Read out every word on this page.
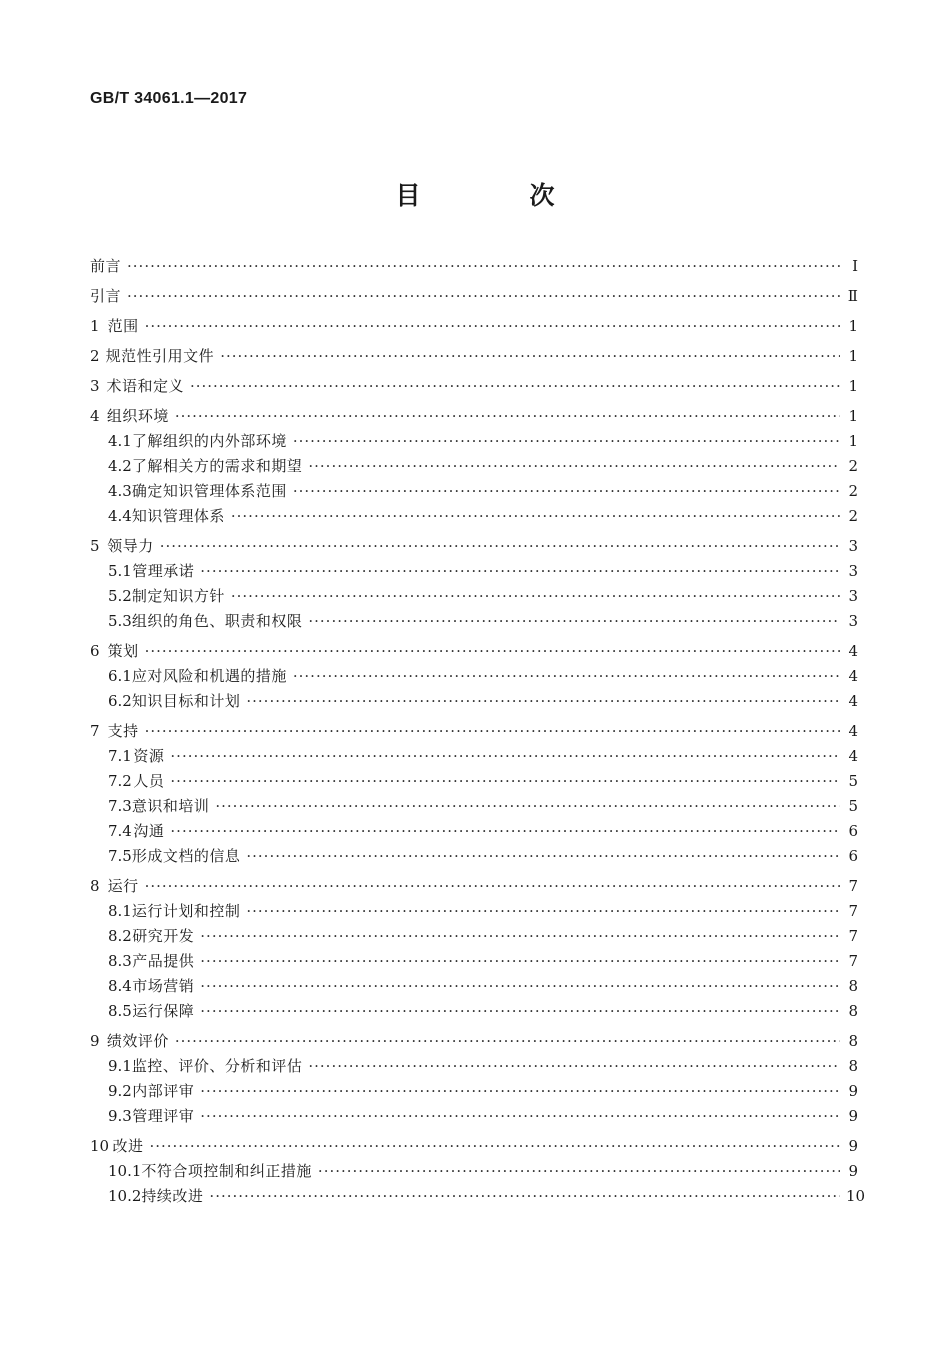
GB/T 34061.1—2017
目　次
前言 ·····	Ⅰ
引言 ·····	Ⅱ
1 范围 ·····	1
2 规范性引用文件 ·····	1
3 术语和定义 ·····	1
4 组织环境 ·····	1
4.1 了解组织的内外部环境 ·····	1
4.2 了解相关方的需求和期望 ·····	2
4.3 确定知识管理体系范围 ·····	2
4.4 知识管理体系 ·····	2
5 领导力 ·····	3
5.1 管理承诺 ·····	3
5.2 制定知识方针 ·····	3
5.3 组织的角色、职责和权限 ·····	3
6 策划 ·····	4
6.1 应对风险和机遇的措施 ·····	4
6.2 知识目标和计划 ·····	4
7 支持 ·····	4
7.1 资源 ·····	4
7.2 人员 ·····	5
7.3 意识和培训 ·····	5
7.4 沟通 ·····	6
7.5 形成文档的信息 ·····	6
8 运行 ·····	7
8.1 运行计划和控制 ·····	7
8.2 研究开发 ·····	7
8.3 产品提供 ·····	7
8.4 市场营销 ·····	8
8.5 运行保障 ·····	8
9 绩效评价 ·····	8
9.1 监控、评价、分析和评估 ·····	8
9.2 内部评审 ·····	9
9.3 管理评审 ·····	9
10 改进 ·····	9
10.1 不符合项控制和纠正措施 ·····	9
10.2 持续改进 ·····	10
